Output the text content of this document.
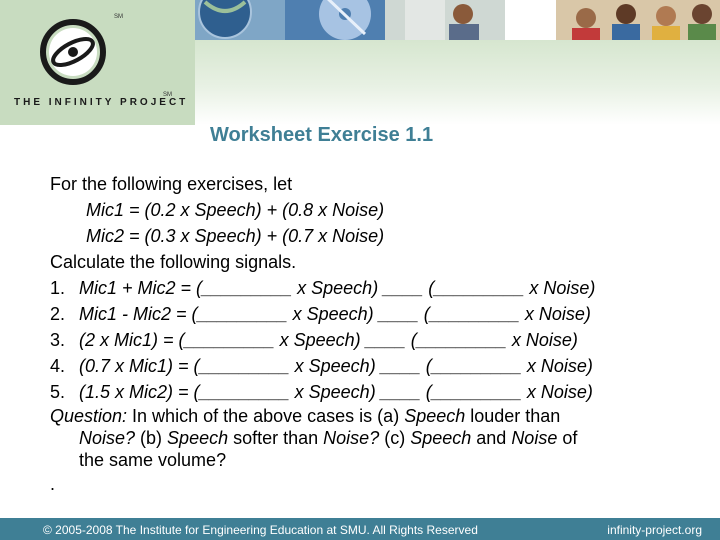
SM
THE INFINITY PROJECT
SM
Worksheet Exercise 1.1
For the following exercises, let
Mic1 = (0.2 x Speech) + (0.8 x Noise)
Mic2 = (0.3 x Speech) + (0.7 x Noise)
Calculate the following signals.
1. Mic1 + Mic2 = (_________ x Speech) ____ (_________ x Noise)
2. Mic1 - Mic2 = (_________ x Speech) ____ (_________ x Noise)
3. (2 x Mic1) = (_________ x Speech) ____ (_________ x Noise)
4. (0.7 x Mic1) = (_________ x Speech) ____ (_________ x Noise)
5. (1.5 x Mic2) = (_________ x Speech) ____ (_________ x Noise)
Question: In which of the above cases is (a) Speech louder than
Noise? (b) Speech softer than Noise? (c) Speech and Noise of
the same volume?
.
© 2005-2008 The Institute for Engineering Education at SMU. All Rights Reserved	infinity-project.org
